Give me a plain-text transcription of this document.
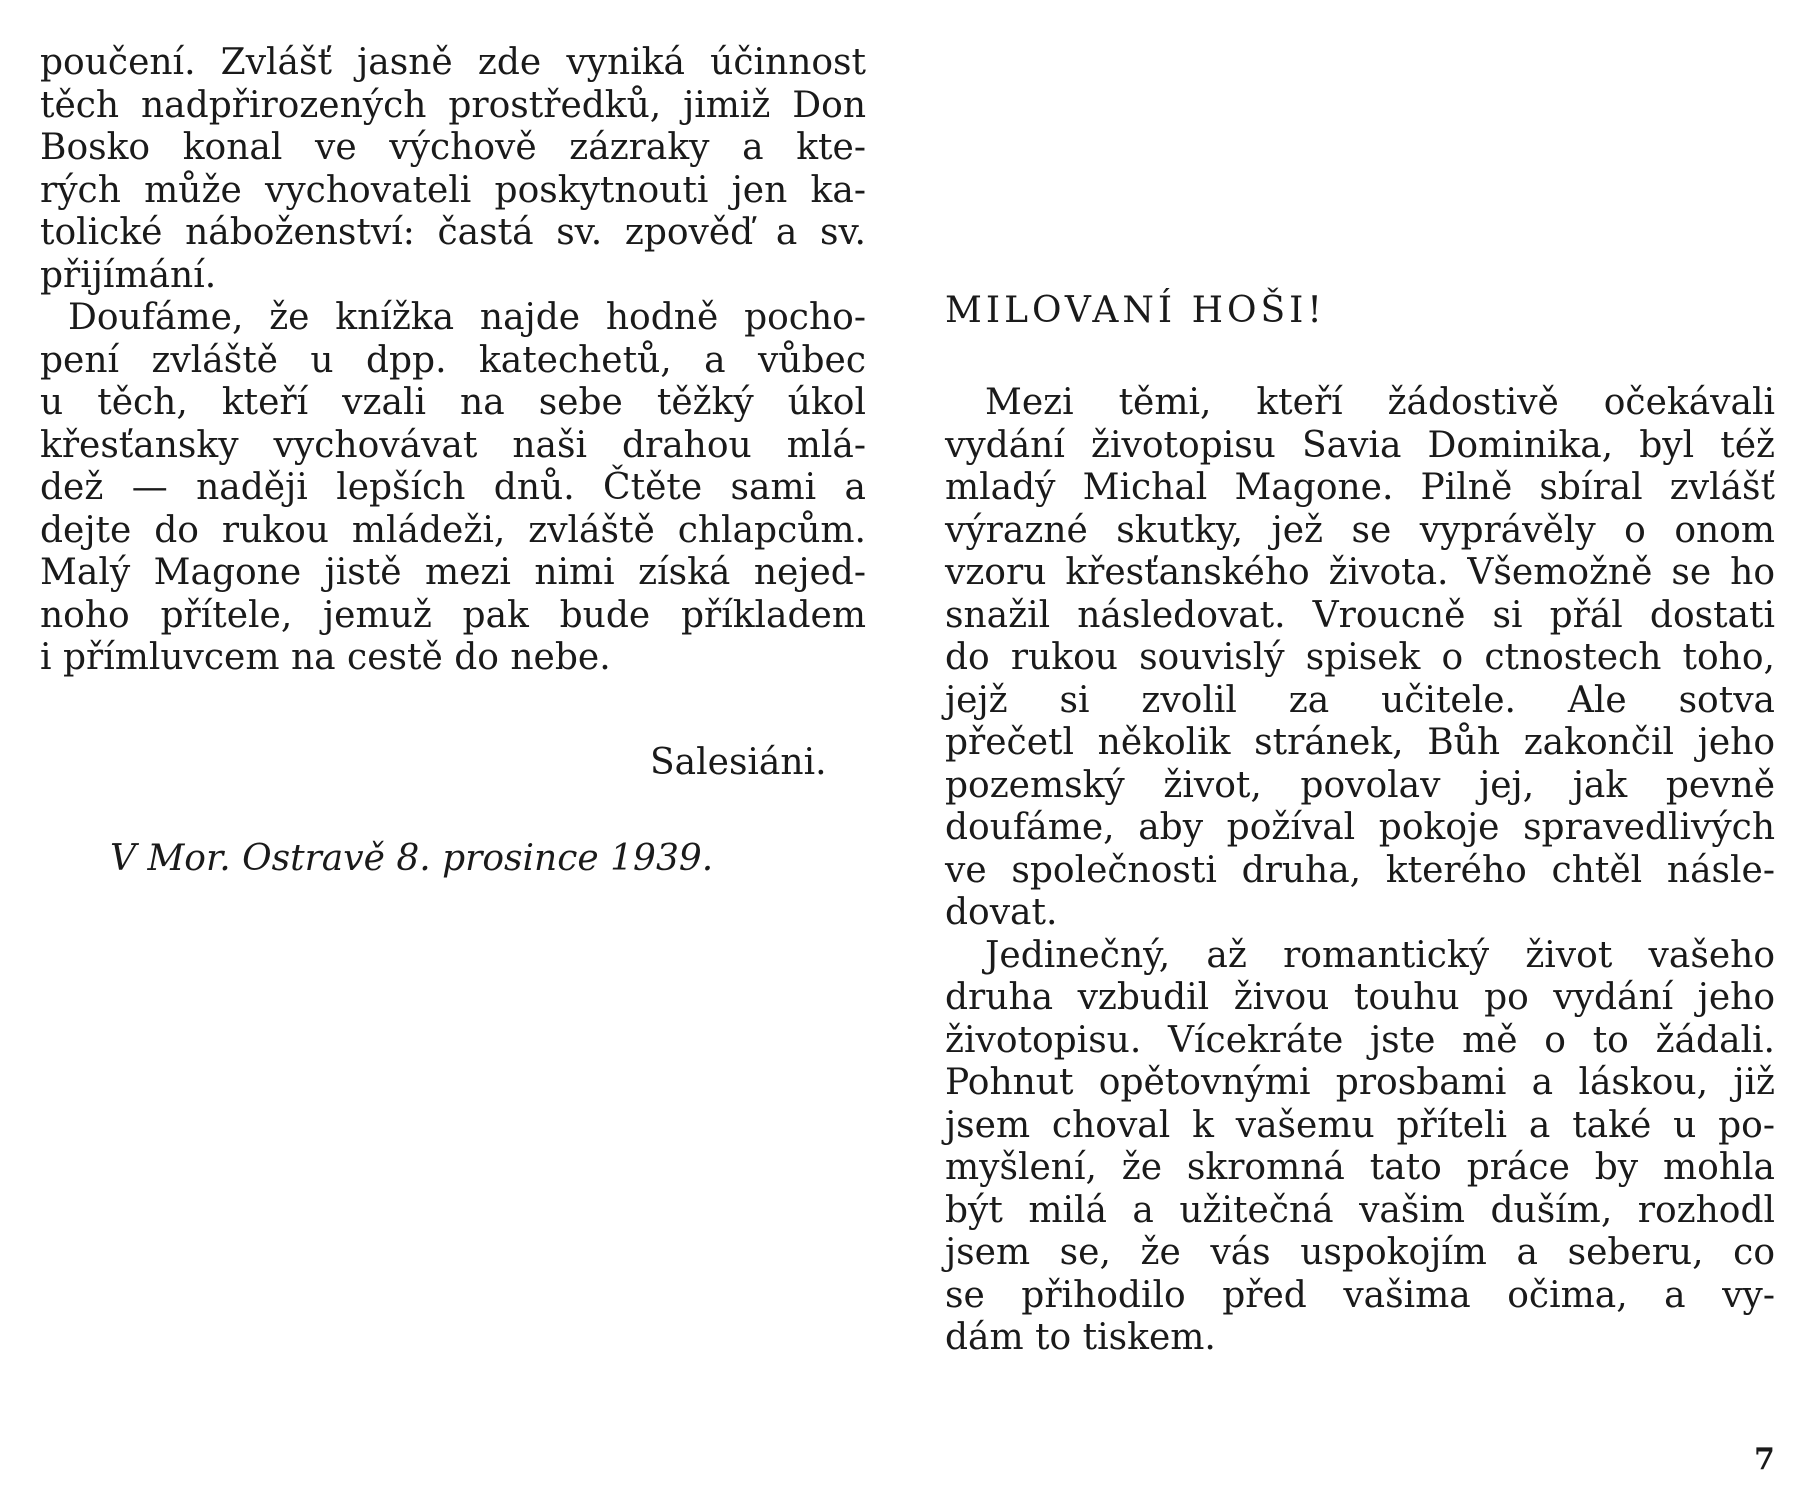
poučení. Zvlášť jasně zde vyniká účinnost
těch nadpřirozených prostředků, jimiž Don
Bosko konal ve výchově zázraky a kte-
rých může vychovateli poskytnouti jen ka-
tolické náboženství: častá sv. zpověď a sv.
přijímání.
Doufáme, že knížka najde hodně pocho-
pení zvláště u dpp. katechetů, a vůbec
u těch, kteří vzali na sebe těžký úkol
křesťansky vychovávat naši drahou mlá-
dež — naději lepších dnů. Čtěte sami a
dejte do rukou mládeži, zvláště chlapcům.
Malý Magone jistě mezi nimi získá nejed-
noho přítele, jemuž pak bude příkladem
i přímluvcem na cestě do nebe.
Salesiáni.
V Mor. Ostravě 8. prosince 1939.
MILOVANÍ HOŠI!
Mezi těmi, kteří žádostivě očekávali
vydání životopisu Savia Dominika, byl též
mladý Michal Magone. Pilně sbíral zvlášť
výrazné skutky, jež se vyprávěly o onom
vzoru křesťanského života. Všemožně se ho
snažil následovat. Vroucně si přál dostati
do rukou souvislý spisek o ctnostech toho,
jejž si zvolil za učitele. Ale sotva
přečetl několik stránek, Bůh zakončil jeho
pozemský život, povolav jej, jak pevně
doufáme, aby požíval pokoje spravedlivých
ve společnosti druha, kterého chtěl násle-
dovat.
Jedinečný, až romantický život vašeho
druha vzbudil živou touhu po vydání jeho
životopisu. Vícekráte jste mě o to žádali.
Pohnut opětovnými prosbami a láskou, již
jsem choval k vašemu příteli a také u po-
myšlení, že skromná tato práce by mohla
být milá a užitečná vašim duším, rozhodl
jsem se, že vás uspokojím a seberu, co
se přihodilo před vašima očima, a vy-
dám to tiskem.
7
